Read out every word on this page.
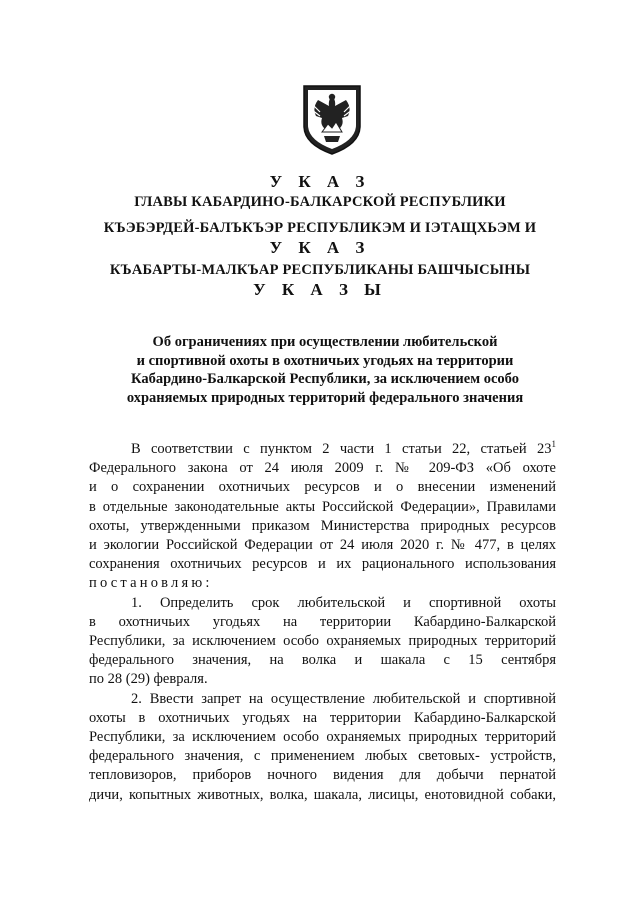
У К А З
ГЛАВЫ КАБАРДИНО-БАЛКАРСКОЙ РЕСПУБЛИКИ
КЪЭБЭРДЕЙ-БАЛЪКЪЭР РЕСПУБЛИКЭМ И IЭТАЩХЬЭМ И
У К А З
КЪАБАРТЫ-МАЛКЪАР РЕСПУБЛИКАНЫ БАШЧЫСЫНЫ
У К А З Ы
Об ограничениях при осуществлении любительской
и спортивной охоты в охотничьих угодьях на территории
Кабардино-Балкарской Республики, за исключением особо
охраняемых природных территорий федерального значения
В соответствии с пунктом 2 части 1 статьи 22, статьей $23^1$
Федерального закона от 24 июля 2009 г. № 209-ФЗ «Об охоте
и о сохранении охотничьих ресурсов и о внесении изменений
в отдельные законодательные акты Российской Федерации», Правилами
охоты, утвержденными приказом Министерства природных ресурсов
и экологии Российской Федерации от 24 июля 2020 г. № 477, в целях
сохранения охотничьих ресурсов и их рационального использования
постановляю:
1. Определить срок любительской и спортивной охоты
в охотничьих угодьях на территории Кабардино-Балкарской
Республики, за исключением особо охраняемых природных территорий
федерального значения, на волка и шакала с 15 сентября
по 28 (29) февраля.
2. Ввести запрет на осуществление любительской и спортивной
охоты в охотничьих угодьях на территории Кабардино-Балкарской
Республики, за исключением особо охраняемых природных территорий
федерального значения, с применением любых световых- устройств,
тепловизоров, приборов ночного видения для добычи пернатой
дичи, копытных животных, волка, шакала, лисицы, енотовидной собаки,
